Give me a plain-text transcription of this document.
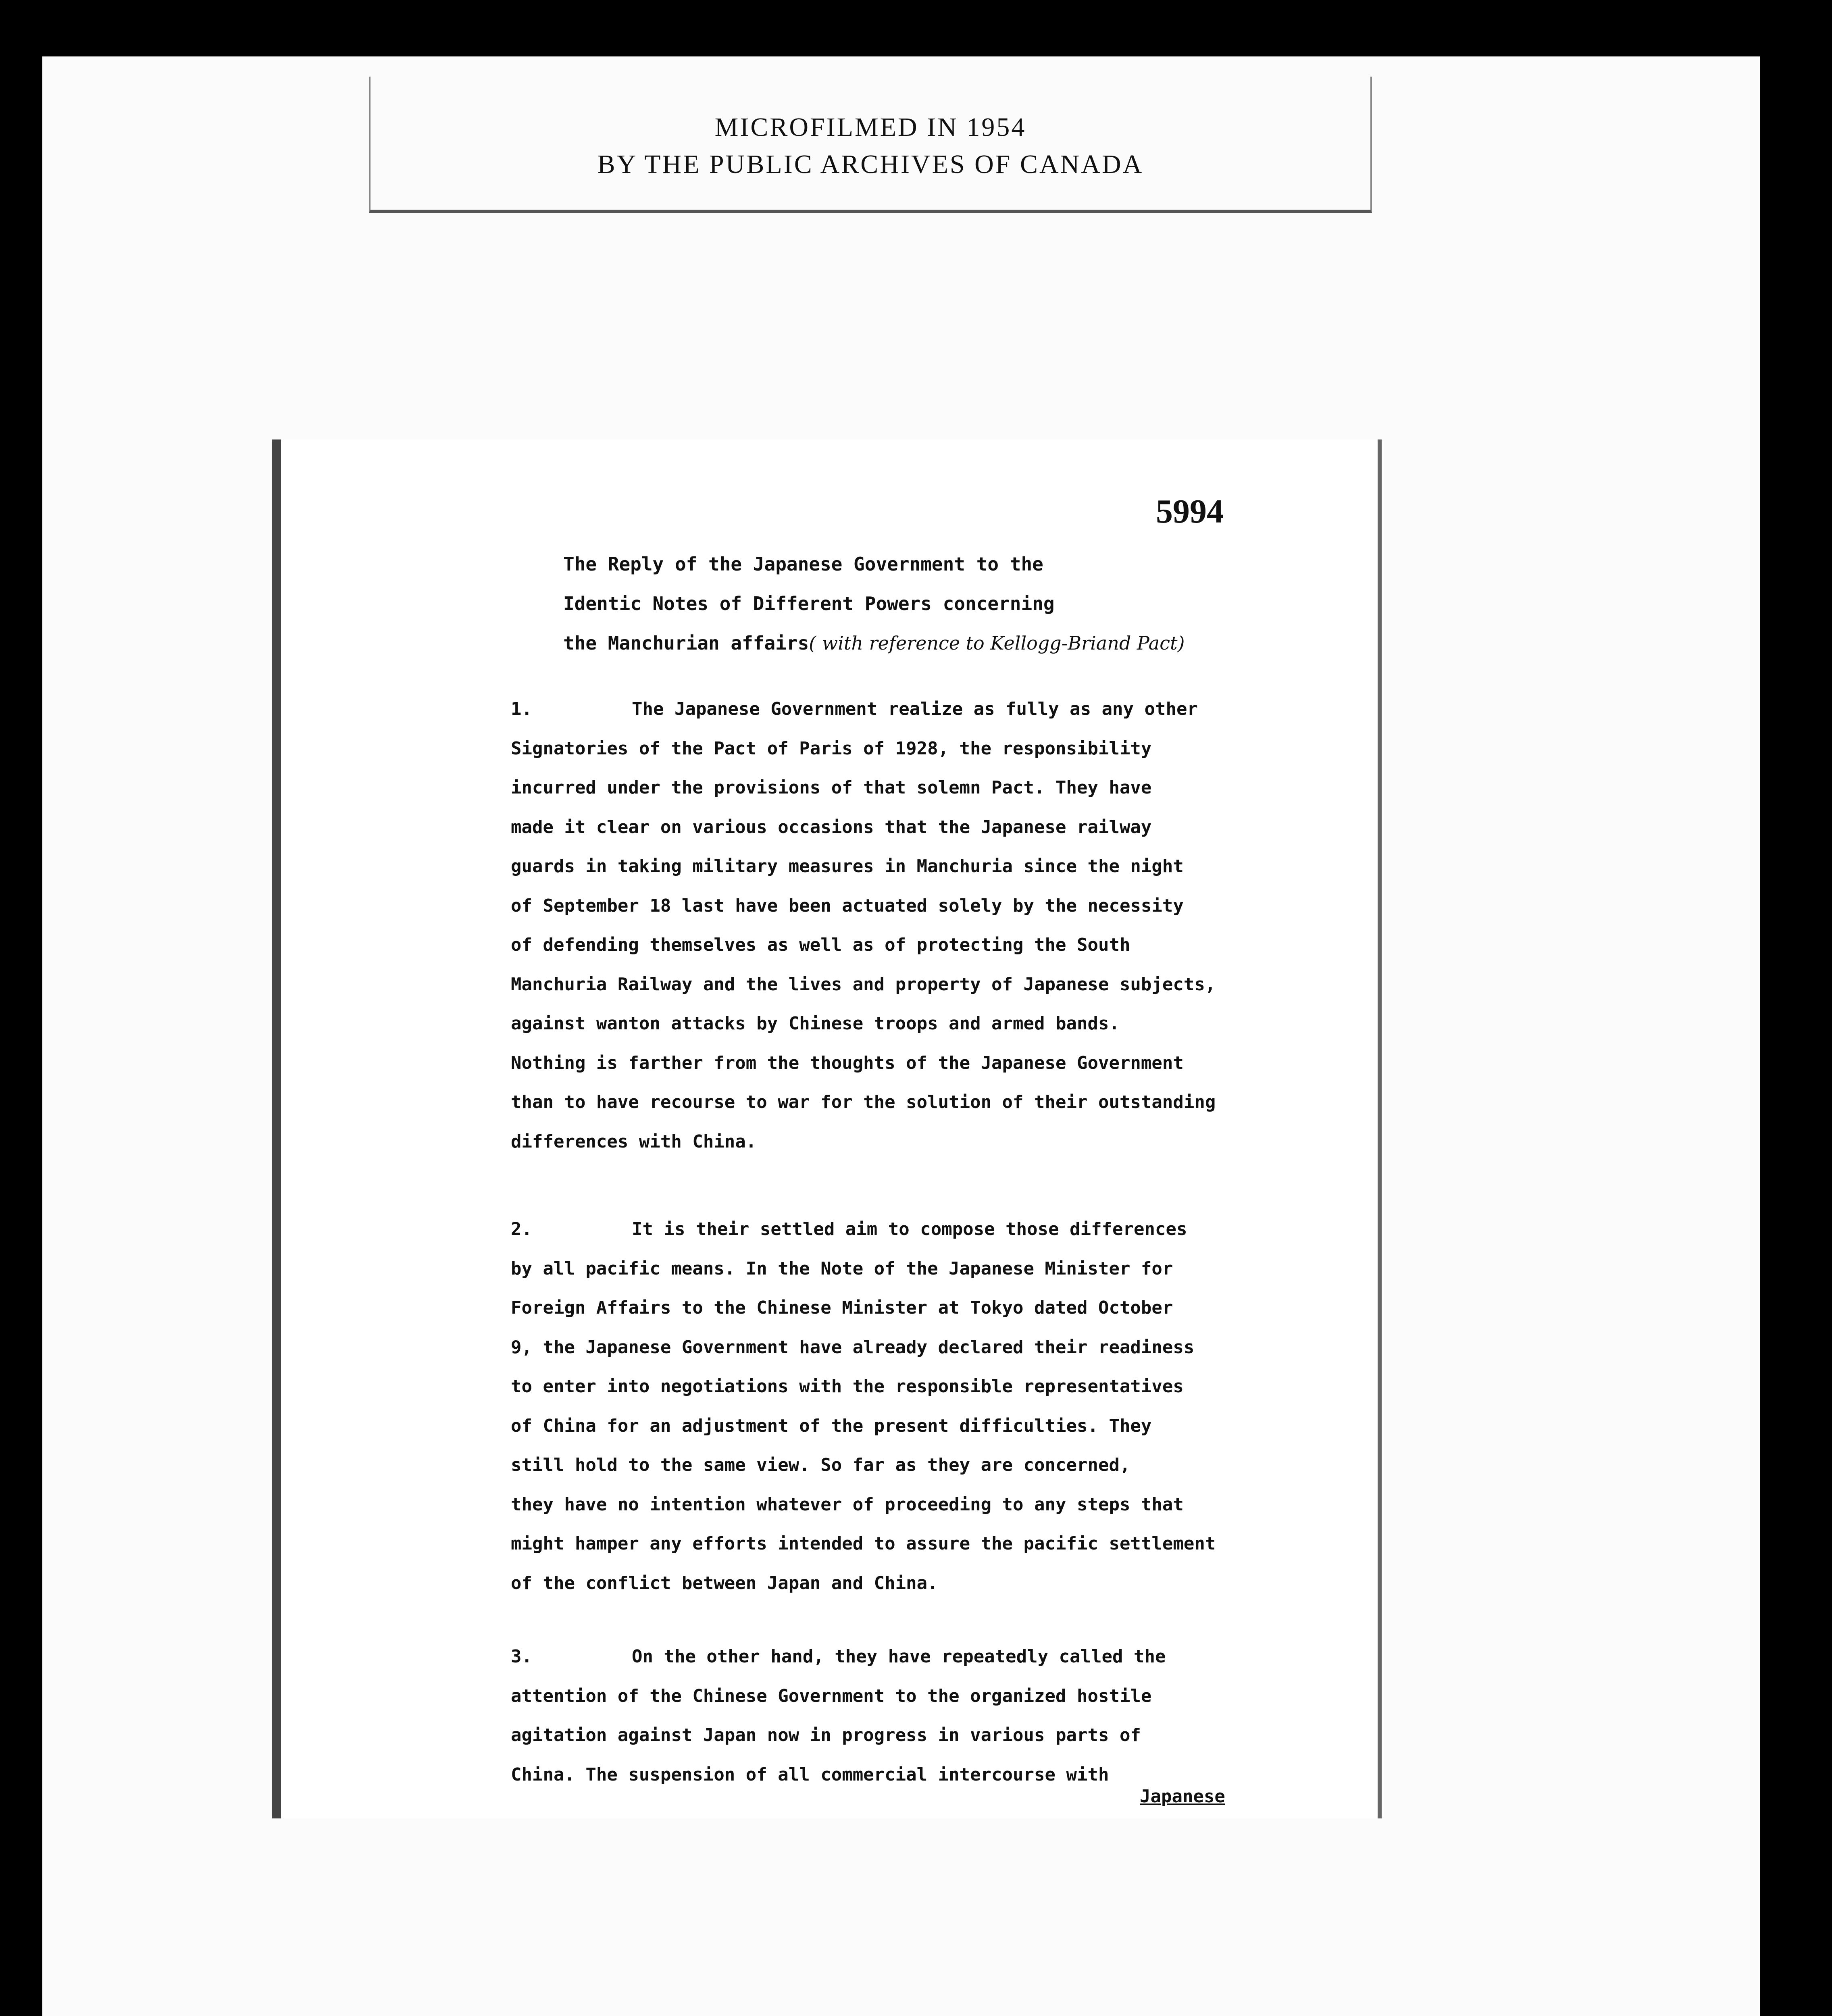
MICROFILMED IN 1954
BY THE PUBLIC ARCHIVES OF CANADA
5994
The Reply of the Japanese Government to the
Identic Notes of Different Powers concerning
the Manchurian affairs( with reference to Kellogg-Briand Pact)
1.	The Japanese Government realize as fully as any other
Signatories of the Pact of Paris of 1928, the responsibility
incurred under the provisions of that solemn Pact. They have
made it clear on various occasions that the Japanese railway
guards in taking military measures in Manchuria since the night
of September 18 last have been actuated solely by the necessity
of defending themselves as well as of protecting the South
Manchuria Railway and the lives and property of Japanese subjects,
against wanton attacks by Chinese troops and armed bands.
Nothing is farther from the thoughts of the Japanese Government
than to have recourse to war for the solution of their outstanding
differences with China.
2.	It is their settled aim to compose those differences
by all pacific means. In the Note of the Japanese Minister for
Foreign Affairs to the Chinese Minister at Tokyo dated October
9, the Japanese Government have already declared their readiness
to enter into negotiations with the responsible representatives
of China for an adjustment of the present difficulties. They
still hold to the same view. So far as they are concerned,
they have no intention whatever of proceeding to any steps that
might hamper any efforts intended to assure the pacific settlement
of the conflict between Japan and China.
3.	On the other hand, they have repeatedly called the
attention of the Chinese Government to the organized hostile
agitation against Japan now in progress in various parts of
China. The suspension of all commercial intercourse with
Japanese
